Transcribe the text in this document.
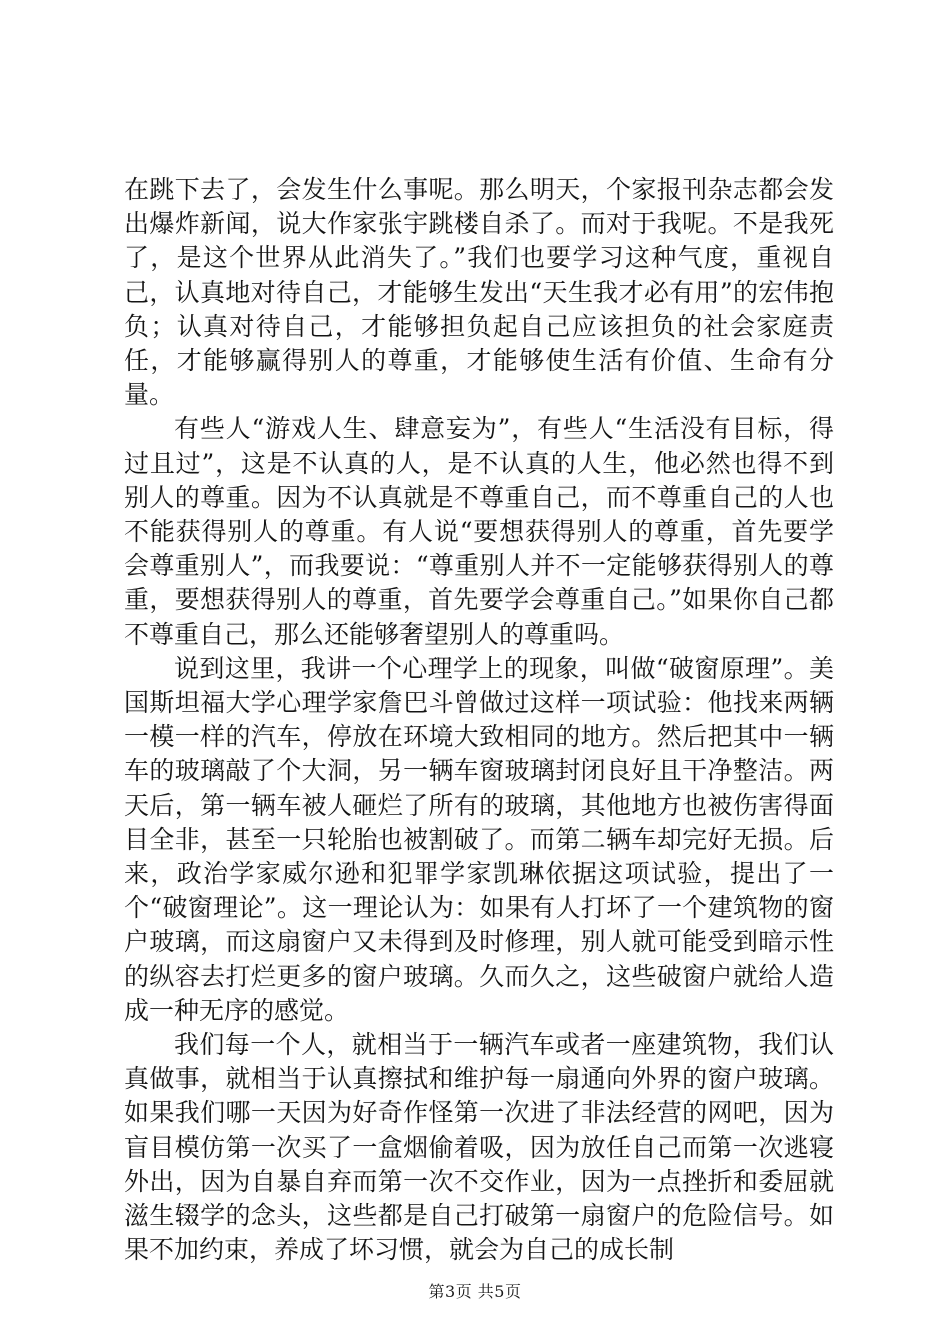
在跳下去了，会发生什么事呢。那么明天，个家报刊杂志都会发出爆炸新闻，说大作家张宇跳楼自杀了。而对于我呢。不是我死了，是这个世界从此消失了。”我们也要学习这种气度，重视自己，认真地对待自己，才能够生发出“天生我才必有用”的宏伟抱负；认真对待自己，才能够担负起自己应该担负的社会家庭责任，才能够赢得别人的尊重，才能够使生活有价值、生命有分量。

有些人“游戏人生、肆意妄为”，有些人“生活没有目标，得过且过”，这是不认真的人，是不认真的人生，他必然也得不到别人的尊重。因为不认真就是不尊重自己，而不尊重自己的人也不能获得别人的尊重。有人说“要想获得别人的尊重，首先要学会尊重别人”，而我要说：“尊重别人并不一定能够获得别人的尊重，要想获得别人的尊重，首先要学会尊重自己。”如果你自己都不尊重自己，那么还能够奢望别人的尊重吗。

说到这里，我讲一个心理学上的现象，叫做“破窗原理”。美国斯坦福大学心理学家詹巴斗曾做过这样一项试验：他找来两辆一模一样的汽车，停放在环境大致相同的地方。然后把其中一辆车的玻璃敲了个大洞，另一辆车窗玻璃封闭良好且干净整洁。两天后，第一辆车被人砸烂了所有的玻璃，其他地方也被伤害得面目全非，甚至一只轮胎也被割破了。而第二辆车却完好无损。后来，政治学家威尔逊和犯罪学家凯琳依据这项试验，提出了一个“破窗理论”。这一理论认为：如果有人打坏了一个建筑物的窗户玻璃，而这扇窗户又未得到及时修理，别人就可能受到暗示性的纵容去打烂更多的窗户玻璃。久而久之，这些破窗户就给人造成一种无序的感觉。

我们每一个人，就相当于一辆汽车或者一座建筑物，我们认真做事，就相当于认真擦拭和维护每一扇通向外界的窗户玻璃。如果我们哪一天因为好奇作怪第一次进了非法经营的网吧，因为盲目模仿第一次买了一盒烟偷着吸，因为放任自己而第一次逃寝外出，因为自暴自弃而第一次不交作业，因为一点挫折和委屈就滋生辍学的念头，这些都是自己打破第一扇窗户的危险信号。如果不加约束，养成了坏习惯，就会为自己的成长制

第3页 共5页
